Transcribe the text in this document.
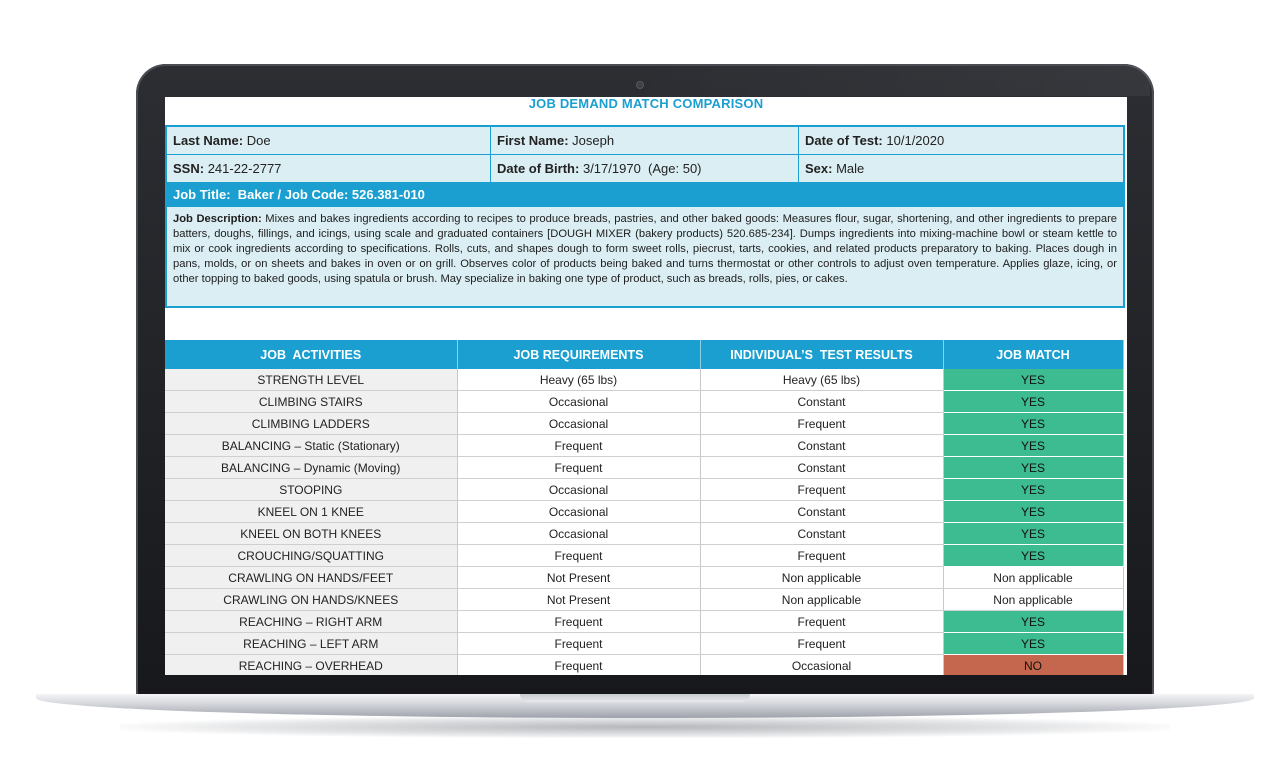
JOB DEMAND MATCH COMPARISON
Last Name: Doe	First Name: Joseph	Date of Test: 10/1/2020
SSN: 241-22-2777	Date of Birth: 3/17/1970  (Age: 50)	Sex: Male
Job Title:  Baker / Job Code: 526.381-010
Job Description: Mixes and bakes ingredients according to recipes to produce breads, pastries, and other baked goods: Measures flour, sugar, shortening, and other ingredients to prepare batters, doughs, fillings, and icings, using scale and graduated containers [DOUGH MIXER (bakery products) 520.685-234]. Dumps ingredients into mixing-machine bowl or steam kettle to mix or cook ingredients according to specifications. Rolls, cuts, and shapes dough to form sweet rolls, piecrust, tarts, cookies, and related products preparatory to baking. Places dough in pans, molds, or on sheets and bakes in oven or on grill. Observes color of products being baked and turns thermostat or other controls to adjust oven temperature. Applies glaze, icing, or other topping to baked goods, using spatula or brush. May specialize in baking one type of product, such as breads, rolls, pies, or cakes.
JOB  ACTIVITIES	JOB REQUIREMENTS	INDIVIDUAL’S  TEST RESULTS	JOB MATCH
STRENGTH LEVEL	Heavy (65 lbs)	Heavy (65 lbs)	YES
CLIMBING STAIRS	Occasional	Constant	YES
CLIMBING LADDERS	Occasional	Frequent	YES
BALANCING – Static (Stationary)	Frequent	Constant	YES
BALANCING – Dynamic (Moving)	Frequent	Constant	YES
STOOPING	Occasional	Frequent	YES
KNEEL ON 1 KNEE	Occasional	Constant	YES
KNEEL ON BOTH KNEES	Occasional	Constant	YES
CROUCHING/SQUATTING	Frequent	Frequent	YES
CRAWLING ON HANDS/FEET	Not Present	Non applicable	Non applicable
CRAWLING ON HANDS/KNEES	Not Present	Non applicable	Non applicable
REACHING – RIGHT ARM	Frequent	Frequent	YES
REACHING – LEFT ARM	Frequent	Frequent	YES
REACHING – OVERHEAD	Frequent	Occasional	NO
